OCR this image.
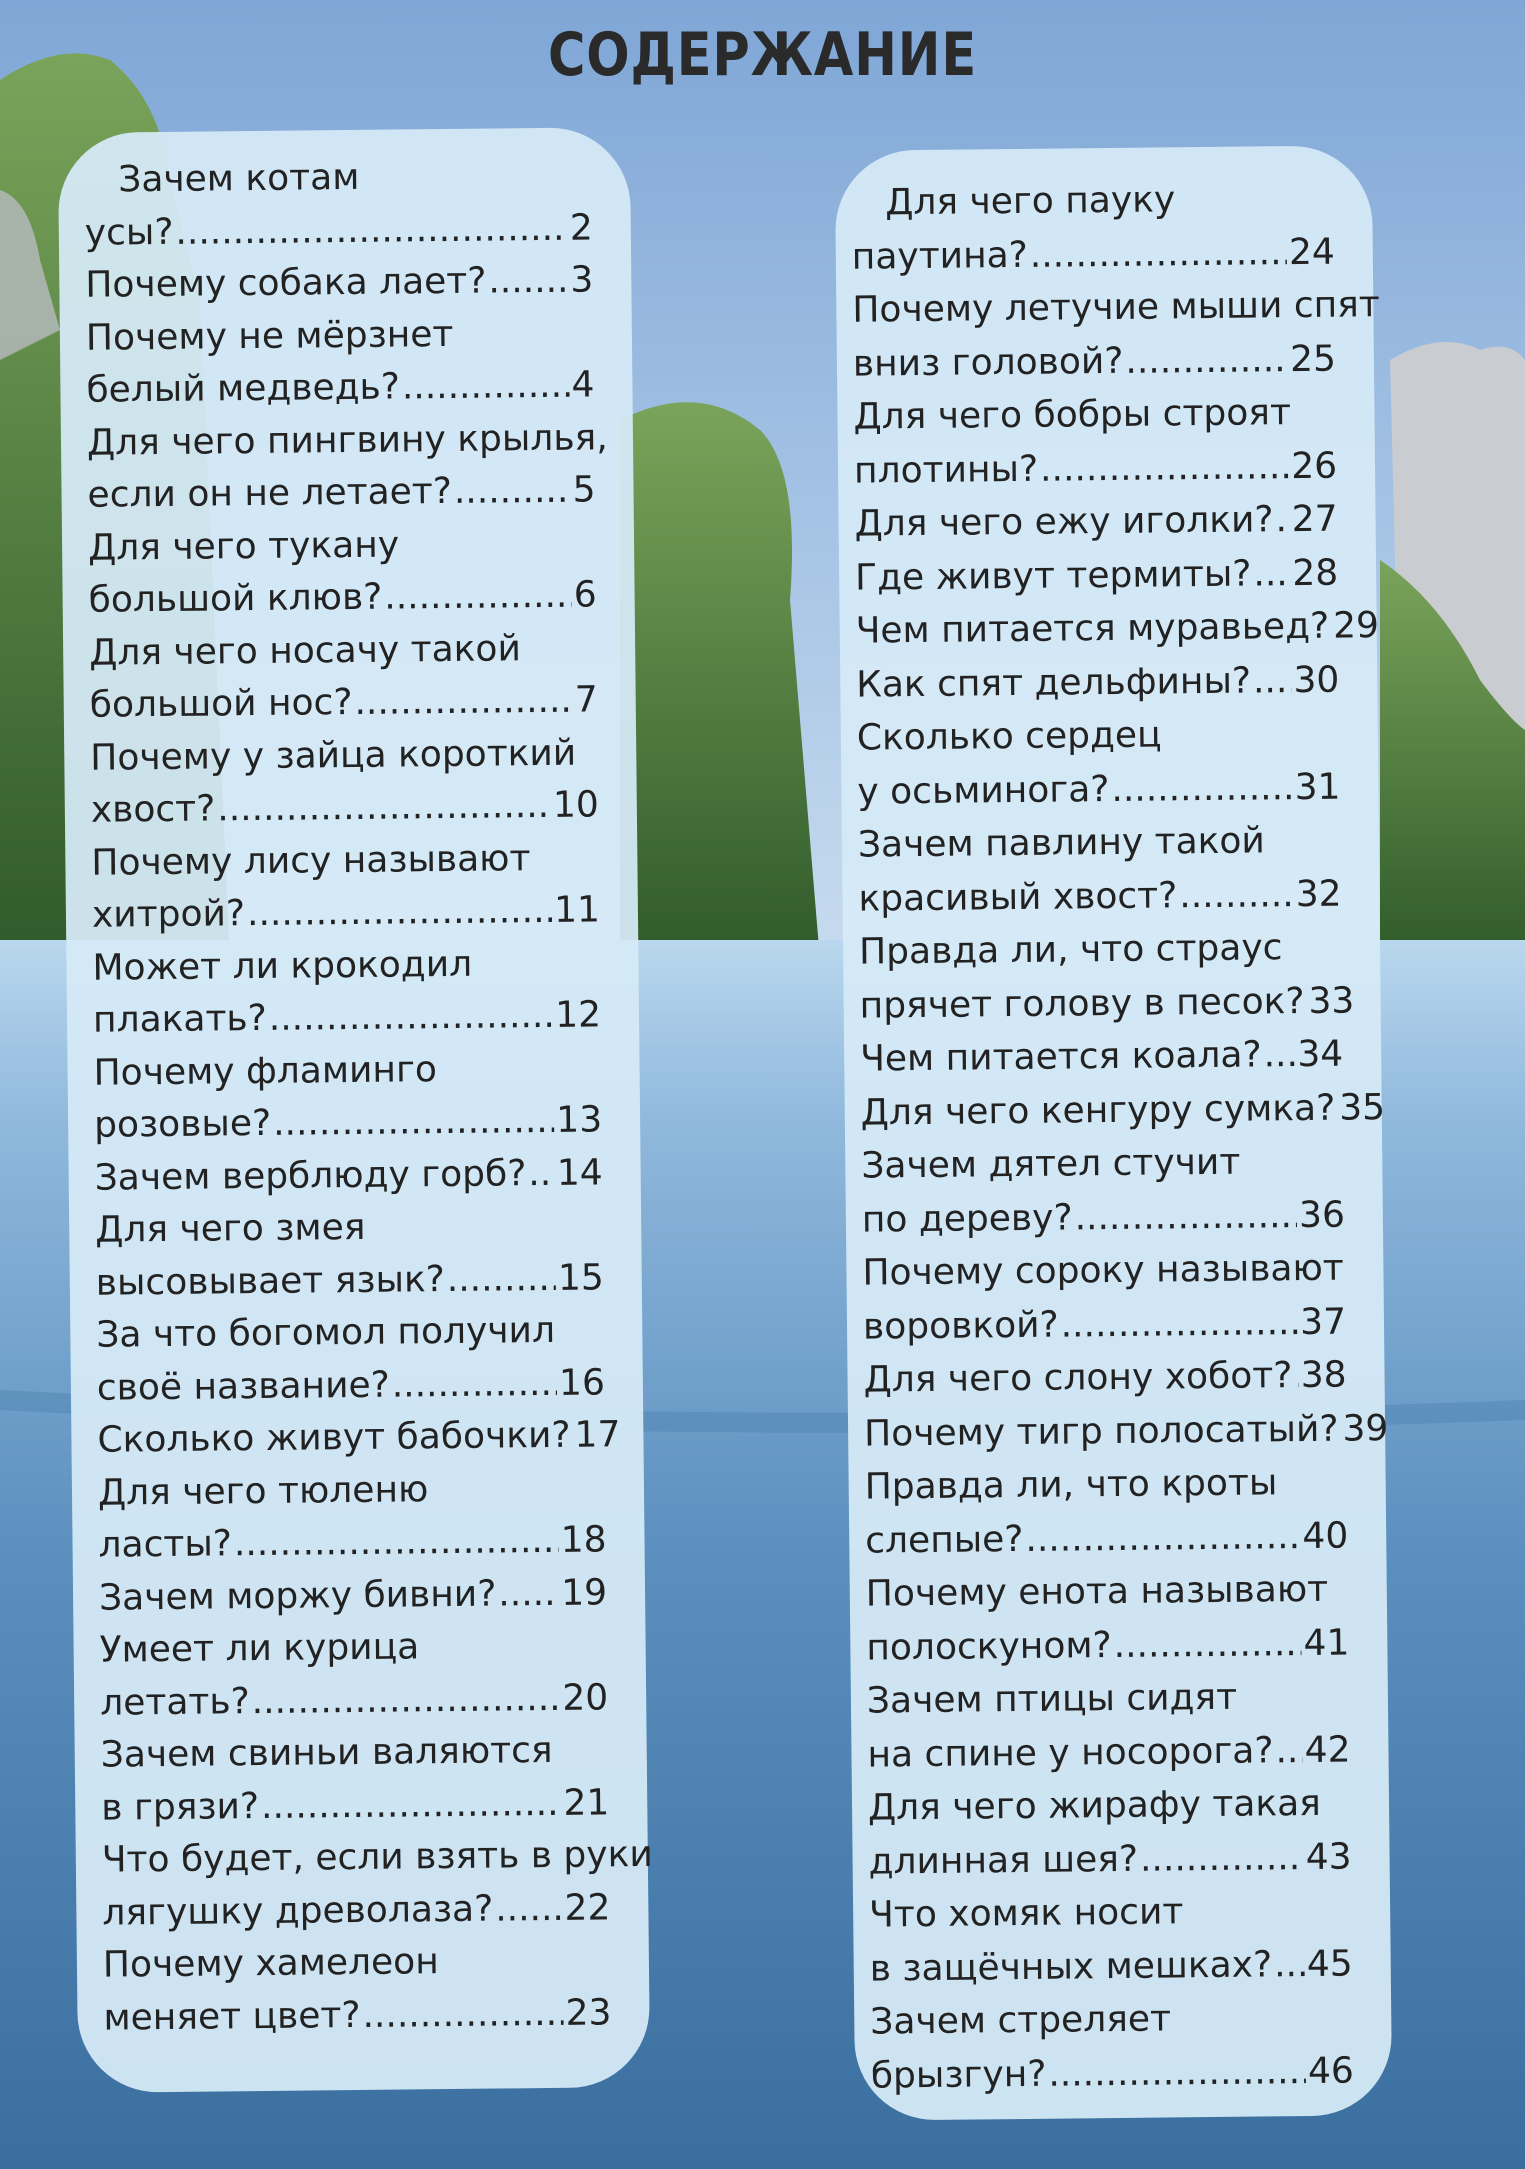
СОДЕРЖАНИЕ
Зачем котам
усы? .....	2
Почему собака лает? ..... 3
Почему не мёрзнет
белый медведь? .....	4
Для чего пингвину крылья,
если он не летает? .....	5
Для чего тукану
большой клюв? .....	6
Для чего носачу такой
большой нос? .....	7
Почему у зайца короткий
хвост? .....	10
Почему лису называют
хитрой? .....	11
Может ли крокодил
плакать? .....	12
Почему фламинго
розовые? .....	13
Зачем верблюду горб? ..... 14
Для чего змея
высовывает язык? .....	15
За что богомол получил
своё название? .....	16
Сколько живут бабочки? ..... 17
Для чего тюленю
ласты? .....	18
Зачем моржу бивни? ..... 19
Умеет ли курица
летать? .....	20
Зачем свиньи валяются
в грязи? .....	21
Что будет, если взять в руки
лягушку древолаза? ..... 22
Почему хамелеон
меняет цвет? .....	23
Для чего пауку
паутина? .....	24
Почему летучие мыши спят
вниз головой? .....	25
Для чего бобры строят
плотины? .....	26
Для чего ежу иголки? ..... 27
Где живут термиты? ..... 28
Чем питается муравьед? ..... 29
Как спят дельфины? ..... 30
Сколько сердец
у осьминога? .....	31
Зачем павлину такой
красивый хвост? .....	32
Правда ли, что страус
прячет голову в песок? ..... 33
Чем питается коала? ..... 34
Для чего кенгуру сумка? ..... 35
Зачем дятел стучит
по дереву? .....	36
Почему сороку называют
воровкой? .....	37
Для чего слону хобот? ..... 38
Почему тигр полосатый? ..... 39
Правда ли, что кроты
слепые? .....	40
Почему енота называют
полоскуном? .....	41
Зачем птицы сидят
на спине у носорога? ..... 42
Для чего жирафу такая
длинная шея? .....	43
Что хомяк носит
в защёчных мешках? ..... 45
Зачем стреляет
брызгун? .....	46
